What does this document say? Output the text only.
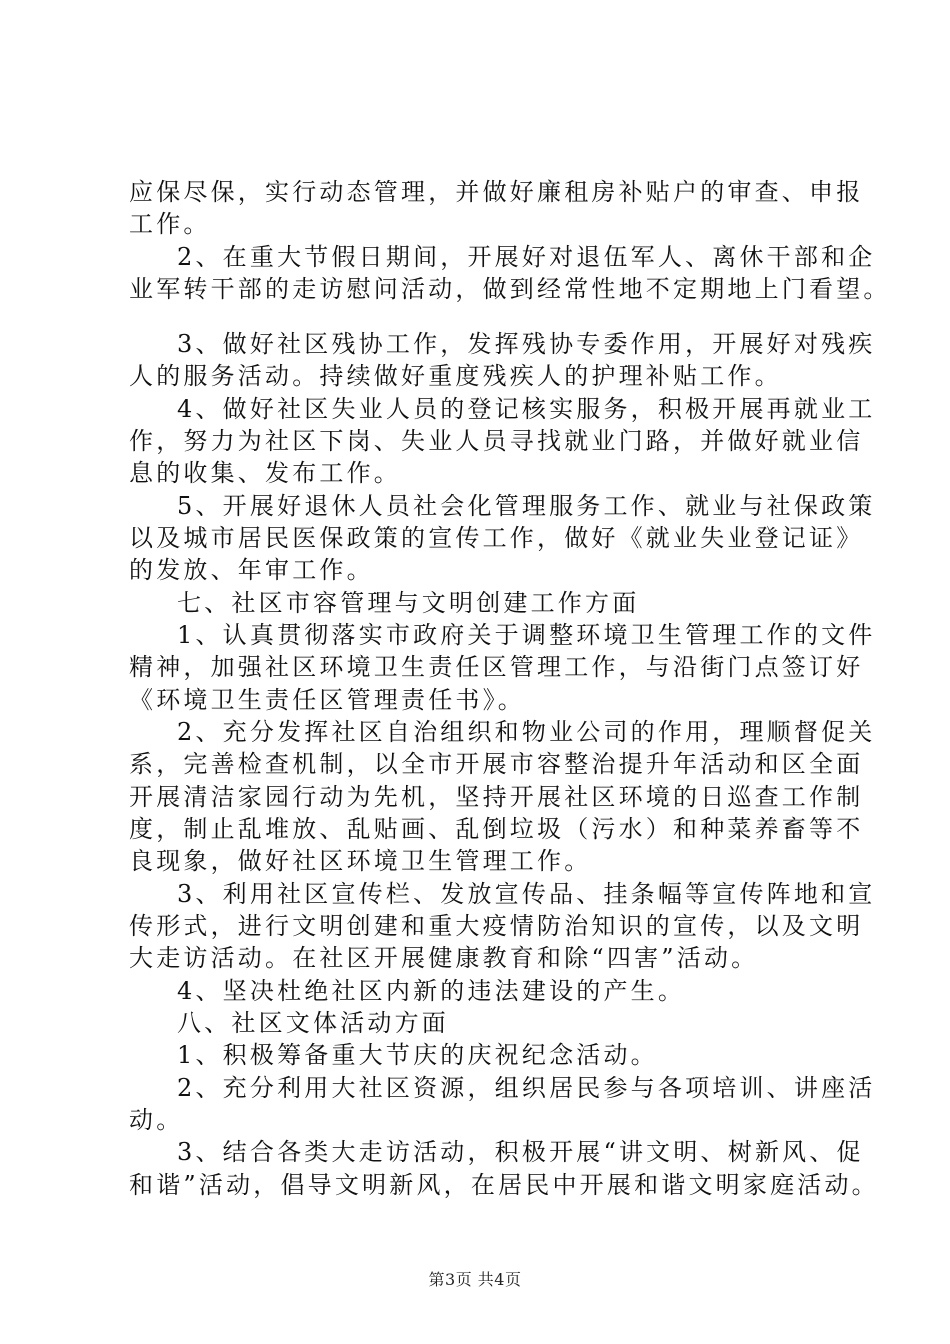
应保尽保，实行动态管理，并做好廉租房补贴户的审查、申报
工作。
2、在重大节假日期间，开展好对退伍军人、离休干部和企
业军转干部的走访慰问活动，做到经常性地不定期地上门看望。
3、做好社区残协工作，发挥残协专委作用，开展好对残疾
人的服务活动。持续做好重度残疾人的护理补贴工作。
4、做好社区失业人员的登记核实服务，积极开展再就业工
作，努力为社区下岗、失业人员寻找就业门路，并做好就业信
息的收集、发布工作。
5、开展好退休人员社会化管理服务工作、就业与社保政策
以及城市居民医保政策的宣传工作，做好《就业失业登记证》
的发放、年审工作。
七、社区市容管理与文明创建工作方面
1、认真贯彻落实市政府关于调整环境卫生管理工作的文件
精神，加强社区环境卫生责任区管理工作，与沿街门点签订好
《环境卫生责任区管理责任书》。
2、充分发挥社区自治组织和物业公司的作用，理顺督促关
系，完善检查机制，以全市开展市容整治提升年活动和区全面
开展清洁家园行动为先机，坚持开展社区环境的日巡查工作制
度，制止乱堆放、乱贴画、乱倒垃圾（污水）和种菜养畜等不
良现象，做好社区环境卫生管理工作。
3、利用社区宣传栏、发放宣传品、挂条幅等宣传阵地和宣
传形式，进行文明创建和重大疫情防治知识的宣传，以及文明
大走访活动。在社区开展健康教育和除“四害”活动。
4、坚决杜绝社区内新的违法建设的产生。
八、社区文体活动方面
1、积极筹备重大节庆的庆祝纪念活动。
2、充分利用大社区资源，组织居民参与各项培训、讲座活
动。
3、结合各类大走访活动，积极开展“讲文明、树新风、促
和谐”活动，倡导文明新风，在居民中开展和谐文明家庭活动。
第3页 共4页
